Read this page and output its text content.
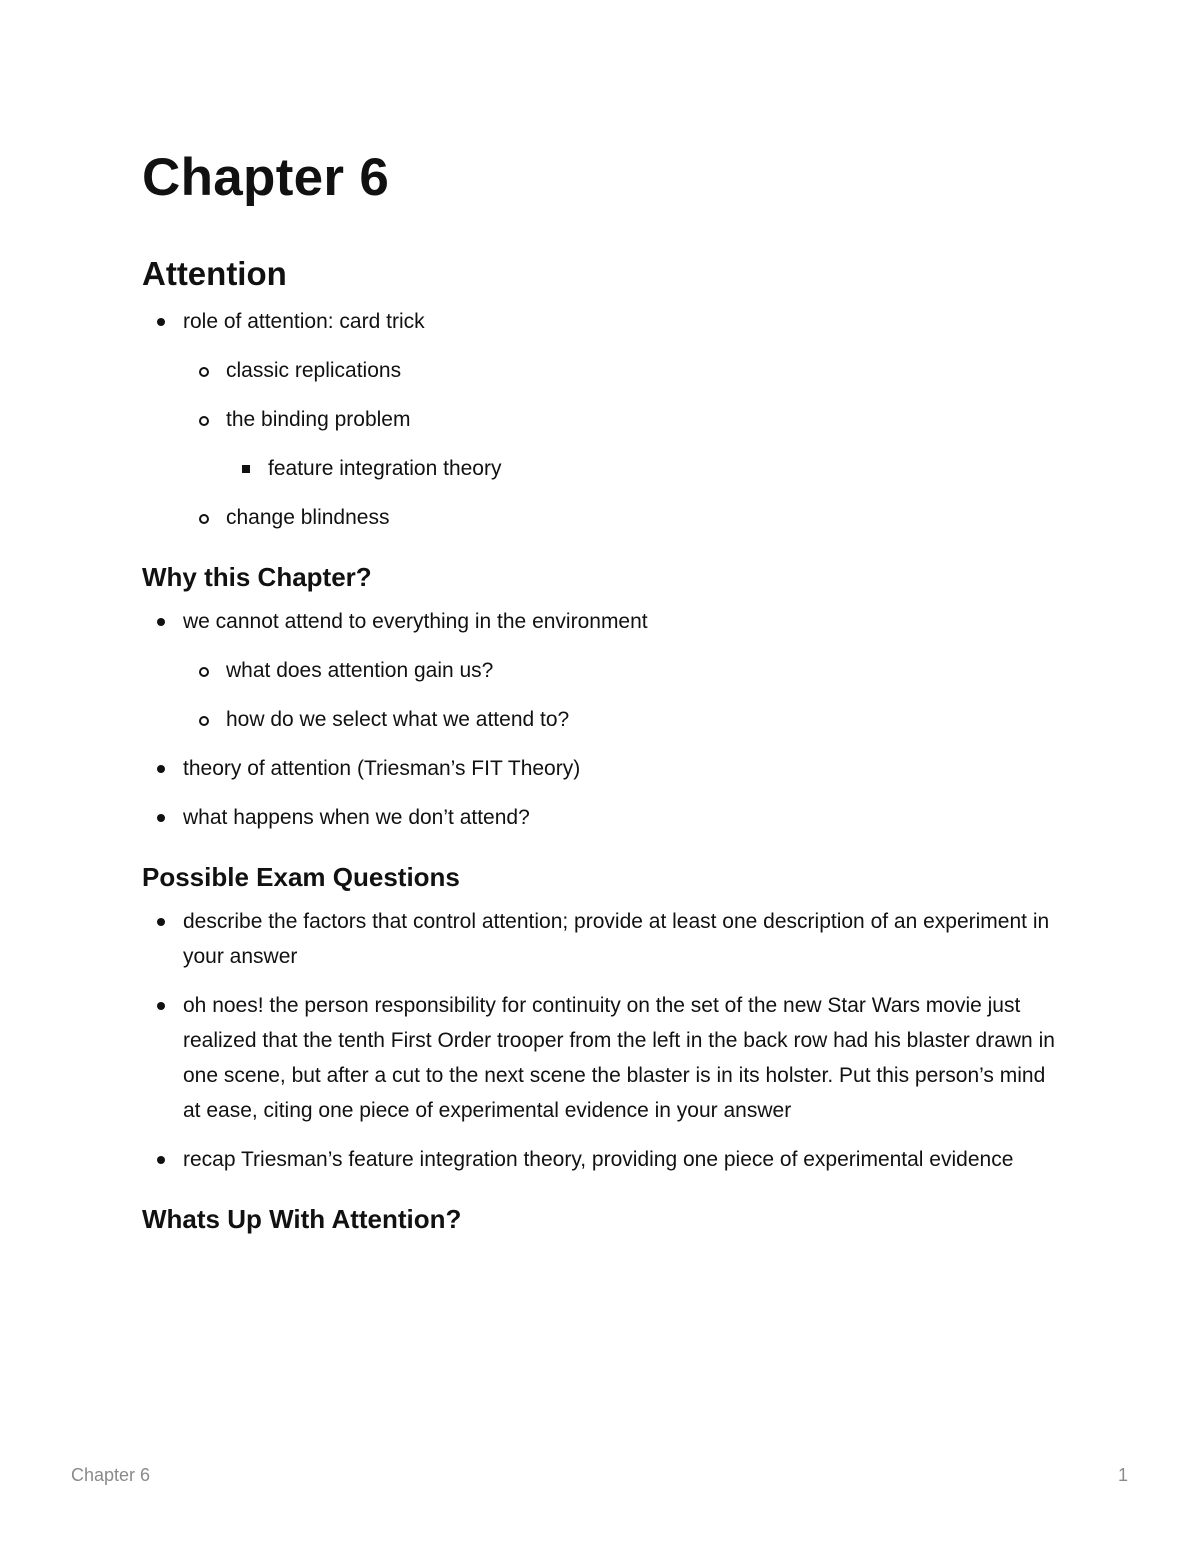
Chapter 6
Attention
role of attention: card trick
classic replications
the binding problem
feature integration theory
change blindness
Why this Chapter?
we cannot attend to everything in the environment
what does attention gain us?
how do we select what we attend to?
theory of attention (Triesman’s FIT Theory)
what happens when we don’t attend?
Possible Exam Questions
describe the factors that control attention; provide at least one description of an experiment in your answer
oh noes! the person responsibility for continuity on the set of the new Star Wars movie just realized that the tenth First Order trooper from the left in the back row had his blaster drawn in one scene, but after a cut to the next scene the blaster is in its holster. Put this person’s mind at ease, citing one piece of experimental evidence in your answer
recap Triesman’s feature integration theory, providing one piece of experimental evidence
Whats Up With Attention?
Chapter 6	1
